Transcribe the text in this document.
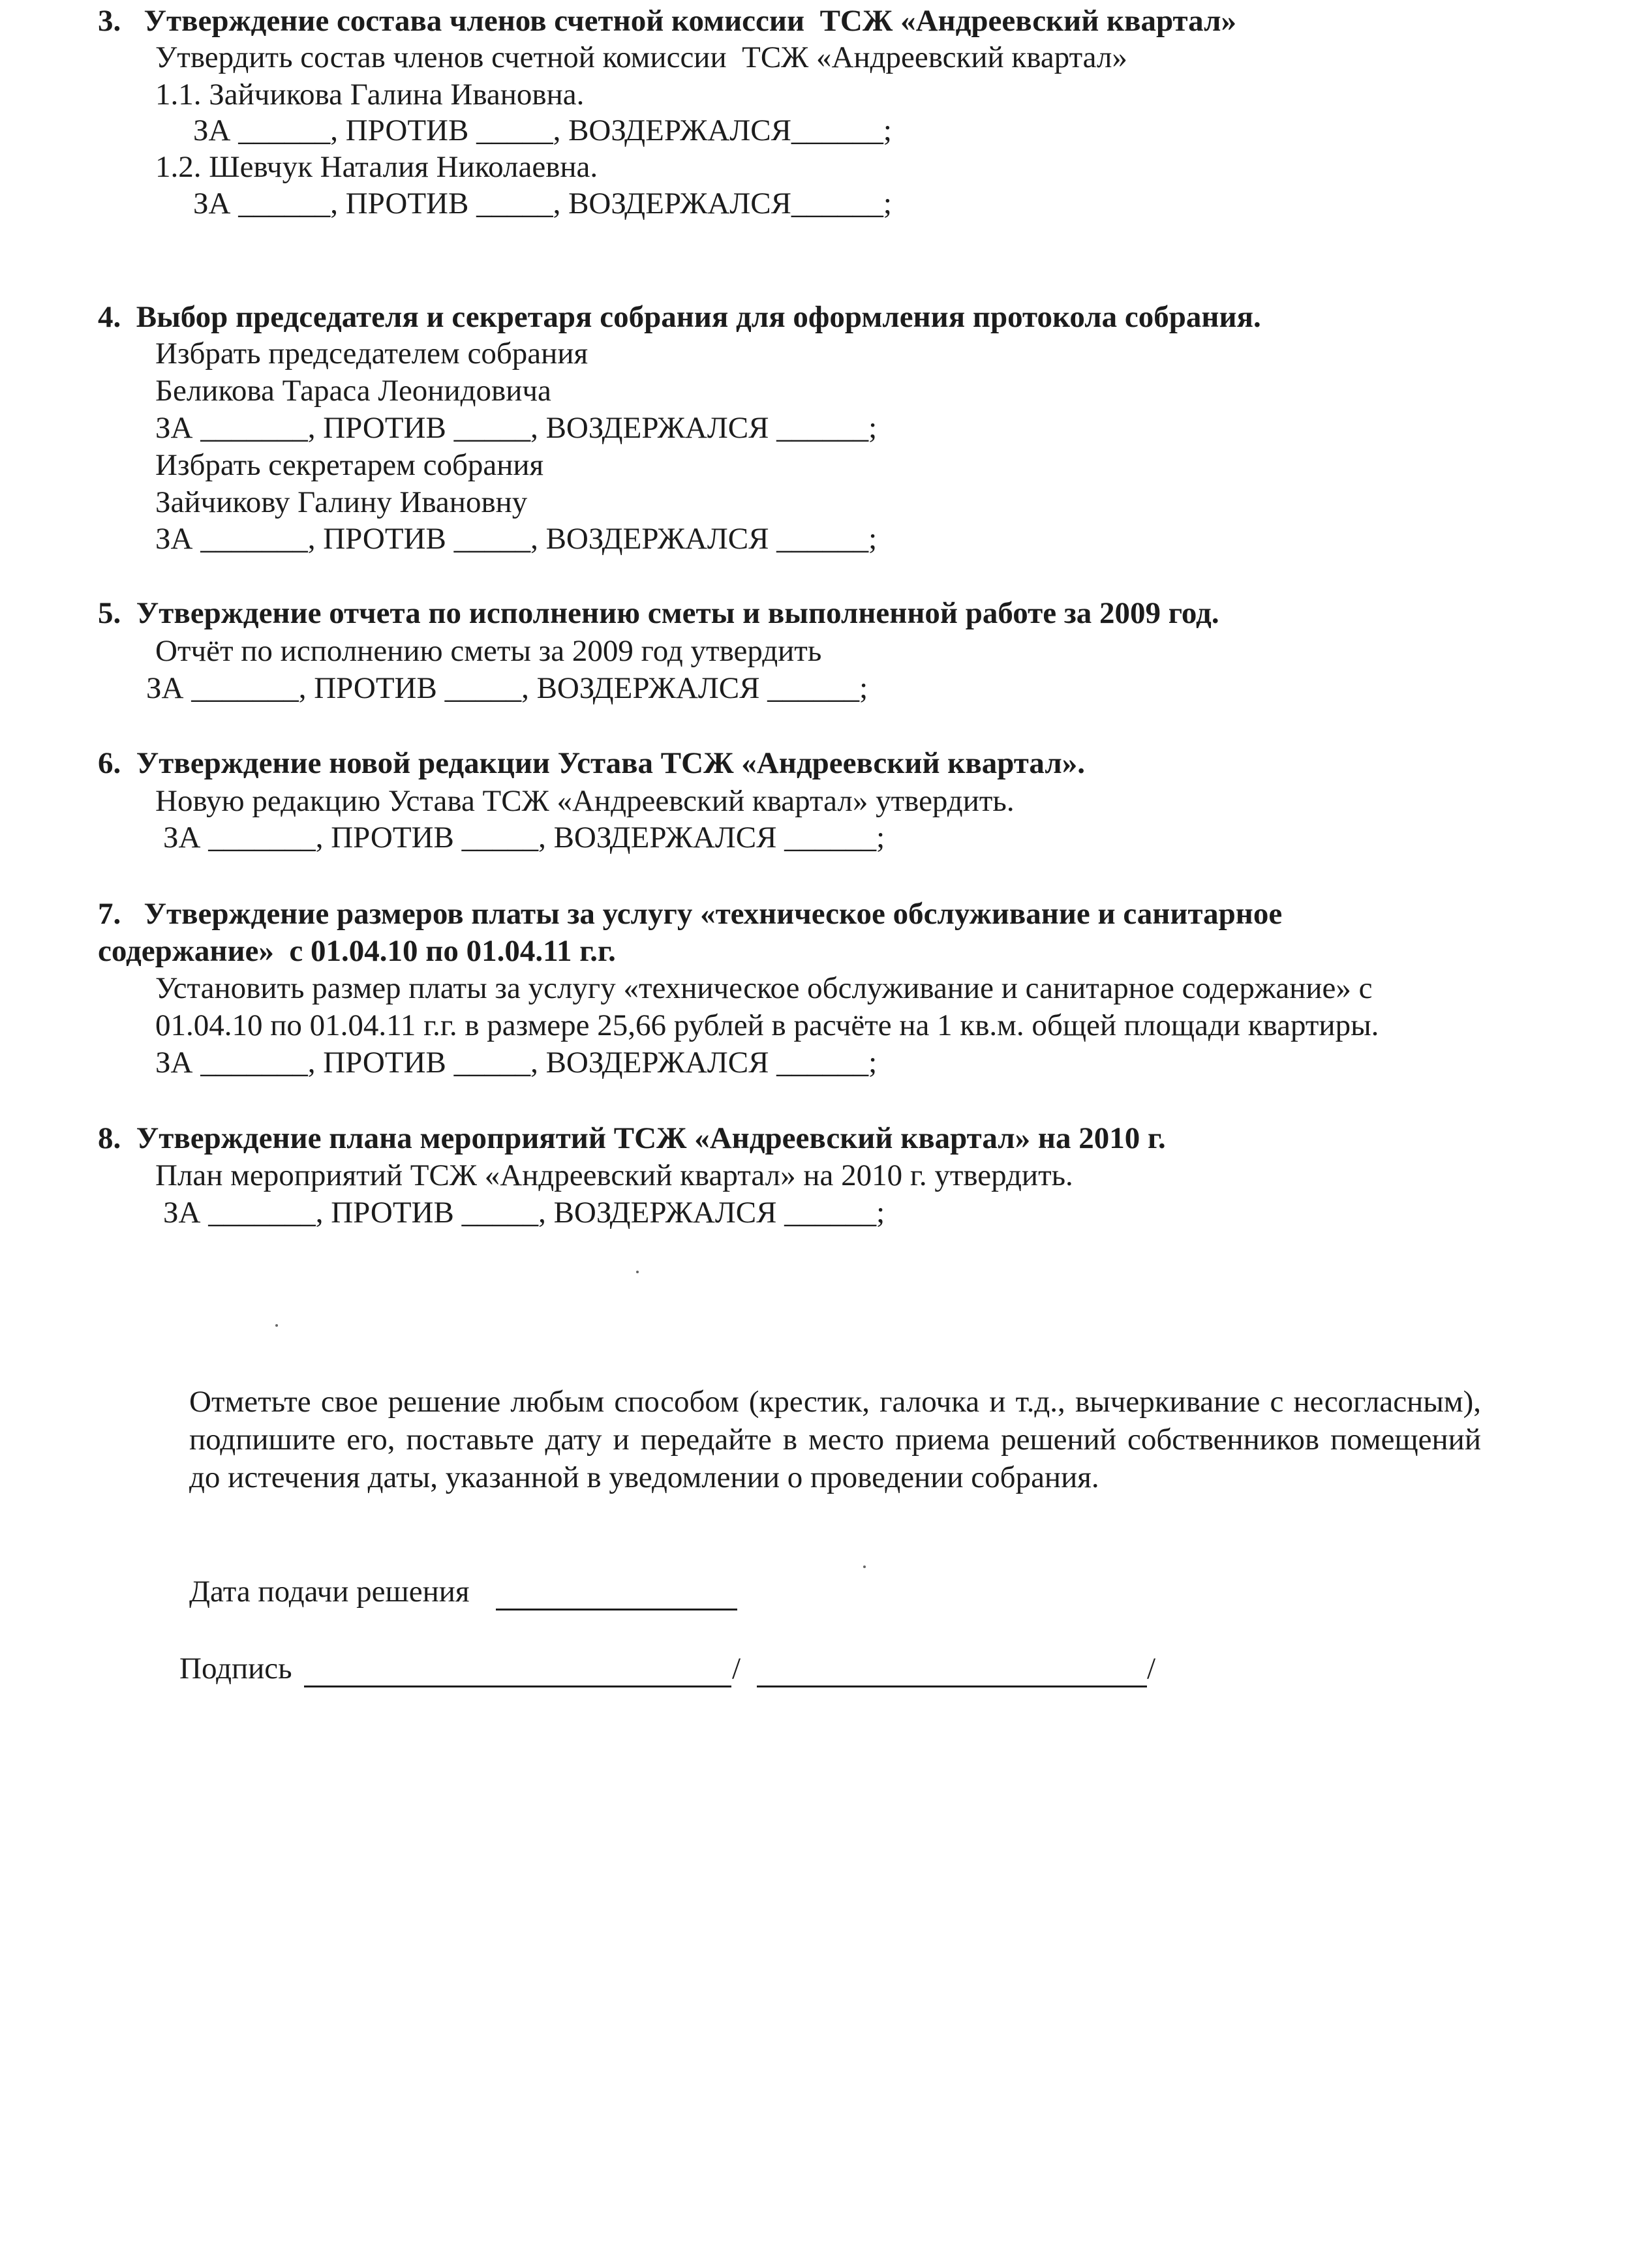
3. Утверждение состава членов счетной комиссии  ТСЖ «Андреевский квартал»
Утвердить состав членов счетной комиссии  ТСЖ «Андреевский квартал»
1.1. Зайчикова Галина Ивановна.
ЗА ______, ПРОТИВ _____, ВОЗДЕРЖАЛСЯ______;
1.2. Шевчук Наталия Николаевна.
ЗА ______, ПРОТИВ _____, ВОЗДЕРЖАЛСЯ______;
4. Выбор председателя и секретаря собрания для оформления протокола собрания.
Избрать председателем собрания
Беликова Тараса Леонидовича
ЗА _______, ПРОТИВ _____, ВОЗДЕРЖАЛСЯ ______;
Избрать секретарем собрания
Зайчикову Галину Ивановну
ЗА _______, ПРОТИВ _____, ВОЗДЕРЖАЛСЯ ______;
5. Утверждение отчета по исполнению сметы и выполненной работе за 2009 год.
Отчёт по исполнению сметы за 2009 год утвердить
ЗА _______, ПРОТИВ _____, ВОЗДЕРЖАЛСЯ ______;
6. Утверждение новой редакции Устава ТСЖ «Андреевский квартал».
Новую редакцию Устава ТСЖ «Андреевский квартал» утвердить.
ЗА _______, ПРОТИВ _____, ВОЗДЕРЖАЛСЯ ______;
7. Утверждение размеров платы за услугу «техническое обслуживание и санитарное
содержание»  с 01.04.10 по 01.04.11 г.г.
Установить размер платы за услугу «техническое обслуживание и санитарное содержание» с
01.04.10 по 01.04.11 г.г. в размере 25,66 рублей в расчёте на 1 кв.м. общей площади квартиры.
ЗА _______, ПРОТИВ _____, ВОЗДЕРЖАЛСЯ ______;
8. Утверждение плана мероприятий ТСЖ «Андреевский квартал» на 2010 г.
План мероприятий ТСЖ «Андреевский квартал» на 2010 г. утвердить.
ЗА _______, ПРОТИВ _____, ВОЗДЕРЖАЛСЯ ______;
Отметьте свое решение любым способом (крестик, галочка и т.д., вычеркивание с несогласным), подпишите его, поставьте дату и передайте в место приема решений собственников помещений до истечения даты, указанной в уведомлении о проведении собрания.
Дата подачи решения
Подпись	/	/
